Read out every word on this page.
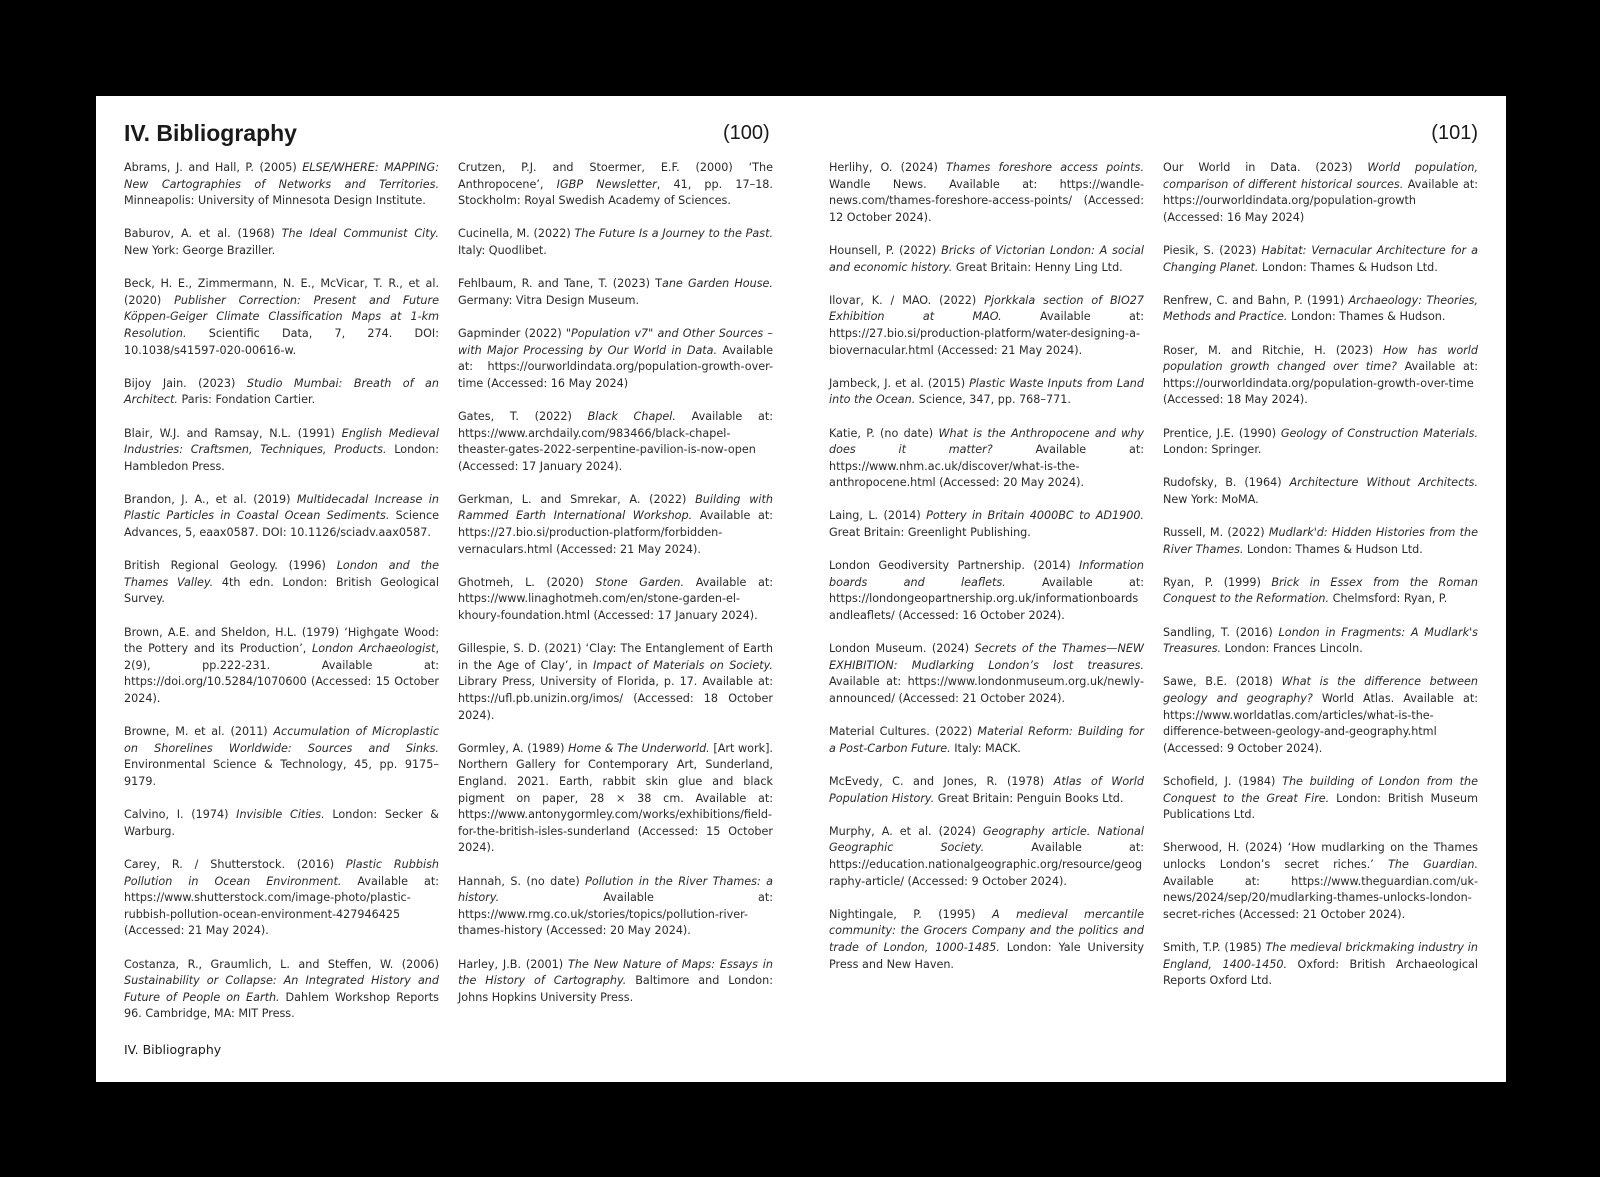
IV. Bibliography	(100)	(101)

Abrams, J. and Hall, P. (2005) ELSE/WHERE: MAPPING: New Cartographies of Networks and Territories. Minneapolis: University of Minnesota Design Institute.

Baburov, A. et al. (1968) The Ideal Communist City. New York: George Braziller.

Beck, H. E., Zimmermann, N. E., McVicar, T. R., et al. (2020) Publisher Correction: Present and Future Köppen-Geiger Climate Classification Maps at 1-km Resolution. Scientific Data, 7, 274. DOI: 10.1038/s41597-020-00616-w.

Bijoy Jain. (2023) Studio Mumbai: Breath of an Architect. Paris: Fondation Cartier.

Blair, W.J. and Ramsay, N.L. (1991) English Medieval Industries: Craftsmen, Techniques, Products. London: Hambledon Press.

Brandon, J. A., et al. (2019) Multidecadal Increase in Plastic Particles in Coastal Ocean Sediments. Science Advances, 5, eaax0587. DOI: 10.1126/sciadv.aax0587.

British Regional Geology. (1996) London and the Thames Valley. 4th edn. London: British Geological Survey.

Brown, A.E. and Sheldon, H.L. (1979) ‘Highgate Wood: the Pottery and its Production’, London Archaeologist, 2(9), pp.222-231. Available at: https://doi.org/10.5284/1070600 (Accessed: 15 October 2024).

Browne, M. et al. (2011) Accumulation of Microplastic on Shorelines Worldwide: Sources and Sinks. Environmental Science & Technology, 45, pp. 9175–9179.

Calvino, I. (1974) Invisible Cities. London: Secker & Warburg.

Carey, R. / Shutterstock. (2016) Plastic Rubbish Pollution in Ocean Environment. Available at: https://www.shutterstock.com/image-photo/plastic-rubbish-pollution-ocean-environment-427946425 (Accessed: 21 May 2024).

Costanza, R., Graumlich, L. and Steffen, W. (2006) Sustainability or Collapse: An Integrated History and Future of People on Earth. Dahlem Workshop Reports 96. Cambridge, MA: MIT Press.

Crutzen, P.J. and Stoermer, E.F. (2000) ‘The Anthropocene’, IGBP Newsletter, 41, pp. 17–18. Stockholm: Royal Swedish Academy of Sciences.

Cucinella, M. (2022) The Future Is a Journey to the Past. Italy: Quodlibet.

Fehlbaum, R. and Tane, T. (2023) Tane Garden House. Germany: Vitra Design Museum.

Gapminder (2022) "Population v7" and Other Sources – with Major Processing by Our World in Data. Available at: https://ourworldindata.org/population-growth-over-time (Accessed: 16 May 2024)

Gates, T. (2022) Black Chapel. Available at: https://www.archdaily.com/983466/black-chapel-theaster-gates-2022-serpentine-pavilion-is-now-open (Accessed: 17 January 2024).

Gerkman, L. and Smrekar, A. (2022) Building with Rammed Earth International Workshop. Available at: https://27.bio.si/production-platform/forbidden-vernaculars.html (Accessed: 21 May 2024).

Ghotmeh, L. (2020) Stone Garden. Available at: https://www.linaghotmeh.com/en/stone-garden-el-khoury-foundation.html (Accessed: 17 January 2024).

Gillespie, S. D. (2021) ‘Clay: The Entanglement of Earth in the Age of Clay’, in Impact of Materials on Society. Library Press, University of Florida, p. 17. Available at: https://ufl.pb.unizin.org/imos/ (Accessed: 18 October 2024).

Gormley, A. (1989) Home & The Underworld. [Art work]. Northern Gallery for Contemporary Art, Sunderland, England. 2021. Earth, rabbit skin glue and black pigment on paper, 28 × 38 cm. Available at: https://www.antonygormley.com/works/exhibitions/field-for-the-british-isles-sunderland (Accessed: 15 October 2024).

Hannah, S. (no date) Pollution in the River Thames: a history. Available at: https://www.rmg.co.uk/stories/topics/pollution-river-thames-history (Accessed: 20 May 2024).

Harley, J.B. (2001) The New Nature of Maps: Essays in the History of Cartography. Baltimore and London: Johns Hopkins University Press.

Herlihy, O. (2024) Thames foreshore access points. Wandle News. Available at: https://wandle-news.com/thames-foreshore-access-points/ (Accessed: 12 October 2024).

Hounsell, P. (2022) Bricks of Victorian London: A social and economic history. Great Britain: Henny Ling Ltd.

Ilovar, K. / MAO. (2022) Pjorkkala section of BIO27 Exhibition at MAO. Available at: https://27.bio.si/production-platform/water-designing-a-biovernacular.html (Accessed: 21 May 2024).

Jambeck, J. et al. (2015) Plastic Waste Inputs from Land into the Ocean. Science, 347, pp. 768–771.

Katie, P. (no date) What is the Anthropocene and why does it matter? Available at: https://www.nhm.ac.uk/discover/what-is-the-anthropocene.html (Accessed: 20 May 2024).

Laing, L. (2014) Pottery in Britain 4000BC to AD1900. Great Britain: Greenlight Publishing.

London Geodiversity Partnership. (2014) Information boards and leaflets. Available at: https://londongeopartnership.org.uk/informationboardsandleaflets/ (Accessed: 16 October 2024).

London Museum. (2024) Secrets of the Thames—NEW EXHIBITION: Mudlarking London’s lost treasures. Available at: https://www.londonmuseum.org.uk/newly-announced/ (Accessed: 21 October 2024).

Material Cultures. (2022) Material Reform: Building for a Post-Carbon Future. Italy: MACK.

McEvedy, C. and Jones, R. (1978) Atlas of World Population History. Great Britain: Penguin Books Ltd.

Murphy, A. et al. (2024) Geography article. National Geographic Society. Available at: https://education.nationalgeographic.org/resource/geography-article/ (Accessed: 9 October 2024).

Nightingale, P. (1995) A medieval mercantile community: the Grocers Company and the politics and trade of London, 1000-1485. London: Yale University Press and New Haven.

Our World in Data. (2023) World population, comparison of different historical sources. Available at: https://ourworldindata.org/population-growth (Accessed: 16 May 2024)

Piesik, S. (2023) Habitat: Vernacular Architecture for a Changing Planet. London: Thames & Hudson Ltd.

Renfrew, C. and Bahn, P. (1991) Archaeology: Theories, Methods and Practice. London: Thames & Hudson.

Roser, M. and Ritchie, H. (2023) How has world population growth changed over time? Available at: https://ourworldindata.org/population-growth-over-time (Accessed: 18 May 2024).

Prentice, J.E. (1990) Geology of Construction Materials. London: Springer.

Rudofsky, B. (1964) Architecture Without Architects. New York: MoMA.

Russell, M. (2022) Mudlark'd: Hidden Histories from the River Thames. London: Thames & Hudson Ltd.

Ryan, P. (1999) Brick in Essex from the Roman Conquest to the Reformation. Chelmsford: Ryan, P.

Sandling, T. (2016) London in Fragments: A Mudlark's Treasures. London: Frances Lincoln.

Sawe, B.E. (2018) What is the difference between geology and geography? World Atlas. Available at: https://www.worldatlas.com/articles/what-is-the-difference-between-geology-and-geography.html (Accessed: 9 October 2024).

Schofield, J. (1984) The building of London from the Conquest to the Great Fire. London: British Museum Publications Ltd.

Sherwood, H. (2024) ‘How mudlarking on the Thames unlocks London’s secret riches.’ The Guardian. Available at: https://www.theguardian.com/uk-news/2024/sep/20/mudlarking-thames-unlocks-london-secret-riches (Accessed: 21 October 2024).

Smith, T.P. (1985) The medieval brickmaking industry in England, 1400-1450. Oxford: British Archaeological Reports Oxford Ltd.

IV. Bibliography
